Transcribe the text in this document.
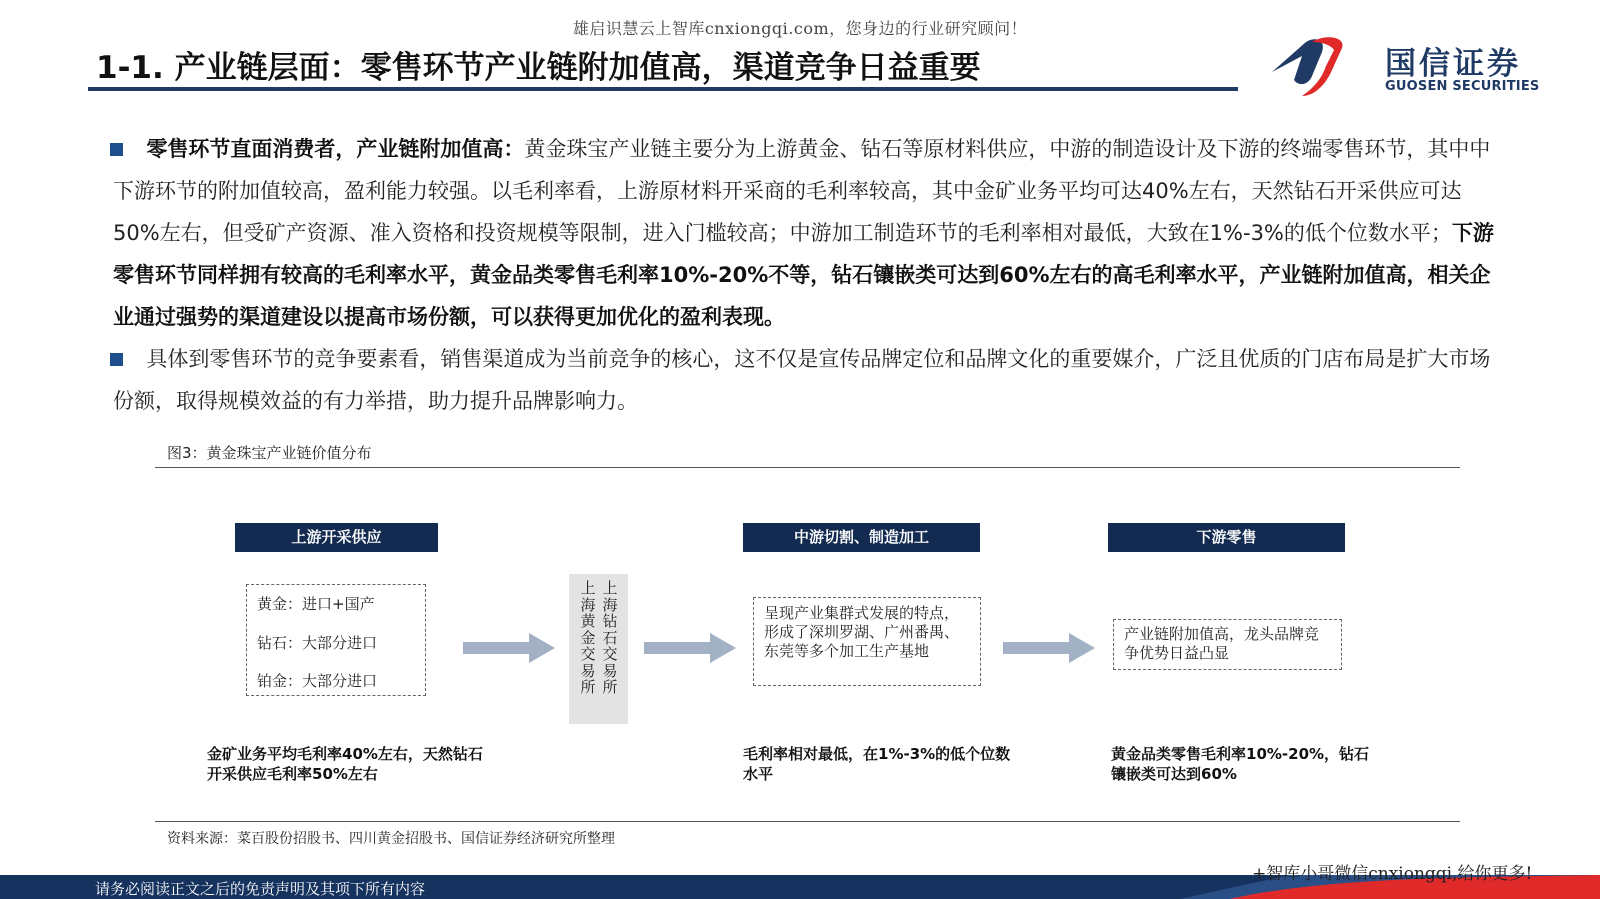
雄启识慧云上智库cnxiongqi.com，您身边的行业研究顾问！
1-1. 产业链层面：零售环节产业链附加值高，渠道竞争日益重要	国信证券
GUOSEN SECURITIES
零售环节直面消费者，产业链附加值高：黄金珠宝产业链主要分为上游黄金、钻石等原材料供应，中游的制造设计及下游的终端零售环节，其中中下游环节的附加值较高，盈利能力较强。以毛利率看，上游原材料开采商的毛利率较高，其中金矿业务平均可达40%左右，天然钻石开采供应可达50%左右，但受矿产资源、准入资格和投资规模等限制，进入门槛较高；中游加工制造环节的毛利率相对最低，大致在1%-3%的低个位数水平；下游零售环节同样拥有较高的毛利率水平，黄金品类零售毛利率10%-20%不等，钻石镶嵌类可达到60%左右的高毛利率水平，产业链附加值高，相关企业通过强势的渠道建设以提高市场份额，可以获得更加优化的盈利表现。
具体到零售环节的竞争要素看，销售渠道成为当前竞争的核心，这不仅是宣传品牌定位和品牌文化的重要媒介，广泛且优质的门店布局是扩大市场份额，取得规模效益的有力举措，助力提升品牌影响力。
图3：黄金珠宝产业链价值分布
上游开采供应
黄金：进口+国产
钻石：大部分进口
铂金：大部分进口
上海黄金交易所
上海钻石交易所
中游切割、制造加工
呈现产业集群式发展的特点，形成了深圳罗湖、广州番禺、东莞等多个加工生产基地
下游零售
产业链附加值高，龙头品牌竞争优势日益凸显
金矿业务平均毛利率40%左右，天然钻石开采供应毛利率50%左右
毛利率相对最低，在1%-3%的低个位数水平
黄金品类零售毛利率10%-20%，钻石镶嵌类可达到60%
资料来源：菜百股份招股书、四川黄金招股书、国信证券经济研究所整理
请务必阅读正文之后的免责声明及其项下所有内容
+智库小哥微信cnxiongqi,给你更多!
